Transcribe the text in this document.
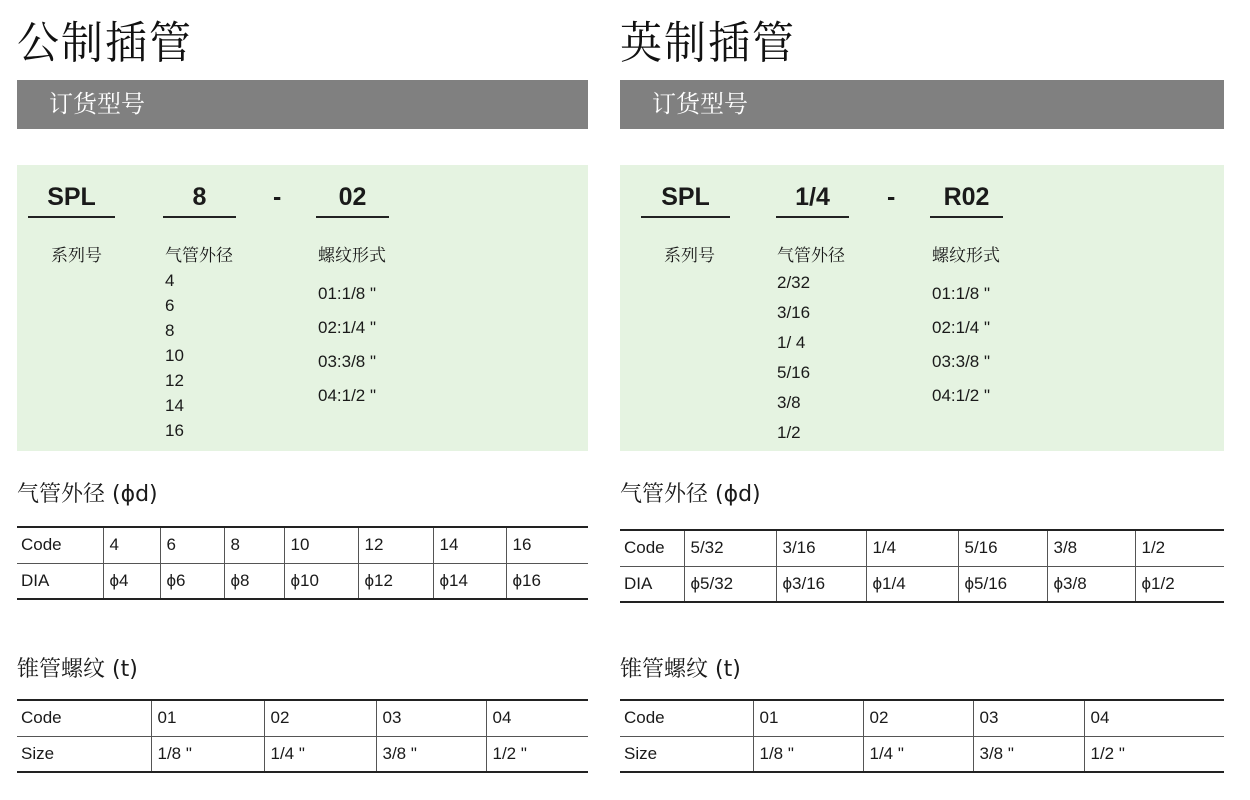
公制插管
订货型号
SPL	8	-	02
系列号	气管外径	螺纹形式
4
6
8
10
12
14
16
01:1/8 "
02:1/4 "
03:3/8 "
04:1/2 "
气管外径 (ϕd)
Code	4	6	8	10	12	14	16
DIA	ϕ4	ϕ6	ϕ8	ϕ10	ϕ12	ϕ14	ϕ16
锥管螺纹 (t)
Code	01	02	03	04
Size	1/8 "	1/4 "	3/8 "	1/2 "
英制插管
订货型号
SPL	1/4	-	R02
系列号	气管外径	螺纹形式
2/32
3/16
1/ 4
5/16
3/8
1/2
01:1/8 "
02:1/4 "
03:3/8 "
04:1/2 "
气管外径 (ϕd)
Code	5/32	3/16	1/4	5/16	3/8	1/2
DIA	ϕ5/32	ϕ3/16	ϕ1/4	ϕ5/16	ϕ3/8	ϕ1/2
锥管螺纹 (t)
Code	01	02	03	04
Size	1/8 "	1/4 "	3/8 "	1/2 "
